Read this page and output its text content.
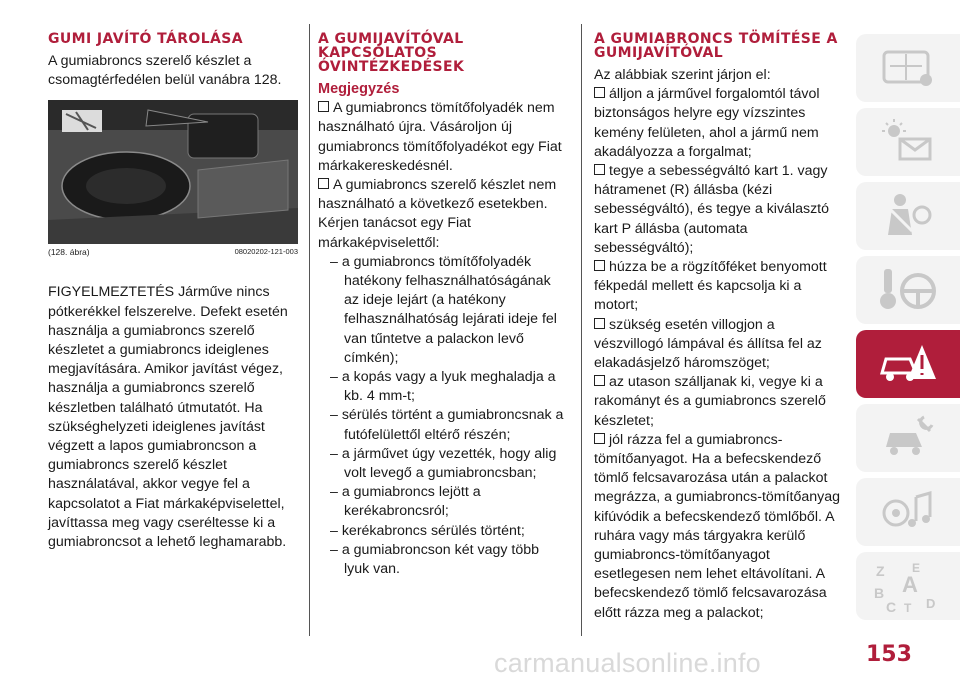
GUMI JAVÍTÓ TÁROLÁSA

A gumiabroncs szerelő készlet a csomagtérfedélen belül vanábra 128.

(128. ábra)	08020202-121-003

FIGYELMEZTETÉS Járműve nincs pótkerékkel felszerelve. Defekt esetén használja a gumiabroncs szerelő készletet a gumiabroncs ideiglenes megjavítására. Amikor javítást végez, használja a gumiabroncs szerelő készletben található útmutatót. Ha szükséghelyzeti ideiglenes javítást végzett a lapos gumiabroncson a gumiabroncs szerelő készlet használatával, akkor vegye fel a kapcsolatot a Fiat márkaképviselettel, javíttassa meg vagy cseréltesse ki a gumiabroncsot a lehető leghamarabb.

A GUMIJAVÍTÓVAL KAPCSOLATOS ÓVINTÉZKEDÉSEK

Megjegyzés

A gumiabroncs tömítőfolyadék nem használható újra. Vásároljon új gumiabroncs tömítőfolyadékot egy Fiat márkakereskedésnél.

A gumiabroncs szerelő készlet nem használható a következő esetekben. Kérjen tanácsot egy Fiat márkaképviselettől:

– a gumiabroncs tömítőfolyadék hatékony felhasználhatóságának az ideje lejárt (a hatékony felhasználhatóság lejárati ideje fel van tűntetve a palackon levő címkén);
– a kopás vagy a lyuk meghaladja a kb. 4 mm-t;
– sérülés történt a gumiabroncsnak a futófelülettől eltérő részén;
– a járművet úgy vezették, hogy alig volt levegő a gumiabroncsban;
– a gumiabroncs lejött a kerékabroncsról;
– kerékabroncs sérülés történt;
– a gumiabroncson két vagy több lyuk van.
A GUMIABRONCS TÖMÍTÉSE A GUMIJAVÍTÓVAL

Az alábbiak szerint járjon el:

álljon a járművel forgalomtól távol biztonságos helyre egy vízszintes kemény felületen, ahol a jármű nem akadályozza a forgalmat;

tegye a sebességváltó kart 1. vagy hátramenet (R) állásba (kézi sebességváltó), és tegye a kiválasztó kart P állásba (automata sebességváltó);

húzza be a rögzítőféket benyomott fékpedál mellett és kapcsolja ki a motort;

szükség esetén villogjon a vészvillogó lámpával és állítsa fel az elakadásjelző háromszöget;

az utason szálljanak ki, vegye ki a rakományt és a gumiabroncs szerelő készletet;

jól rázza fel a gumiabroncs-tömítőanyagot. Ha a befecskendező tömlő felcsavarozása után a palackot megrázza, a gumiabroncs-tömítőanyag kifúvódik a befecskendező tömlőből. A ruhára vagy más tárgyakra kerülő gumiabroncs-tömítőanyagot esetlegesen nem lehet eltávolítani. A befecskendező tömlő felcsavarozása előtt rázza meg a palackot;

Z E
A
B
C T D
carmanualsonline.info	153
